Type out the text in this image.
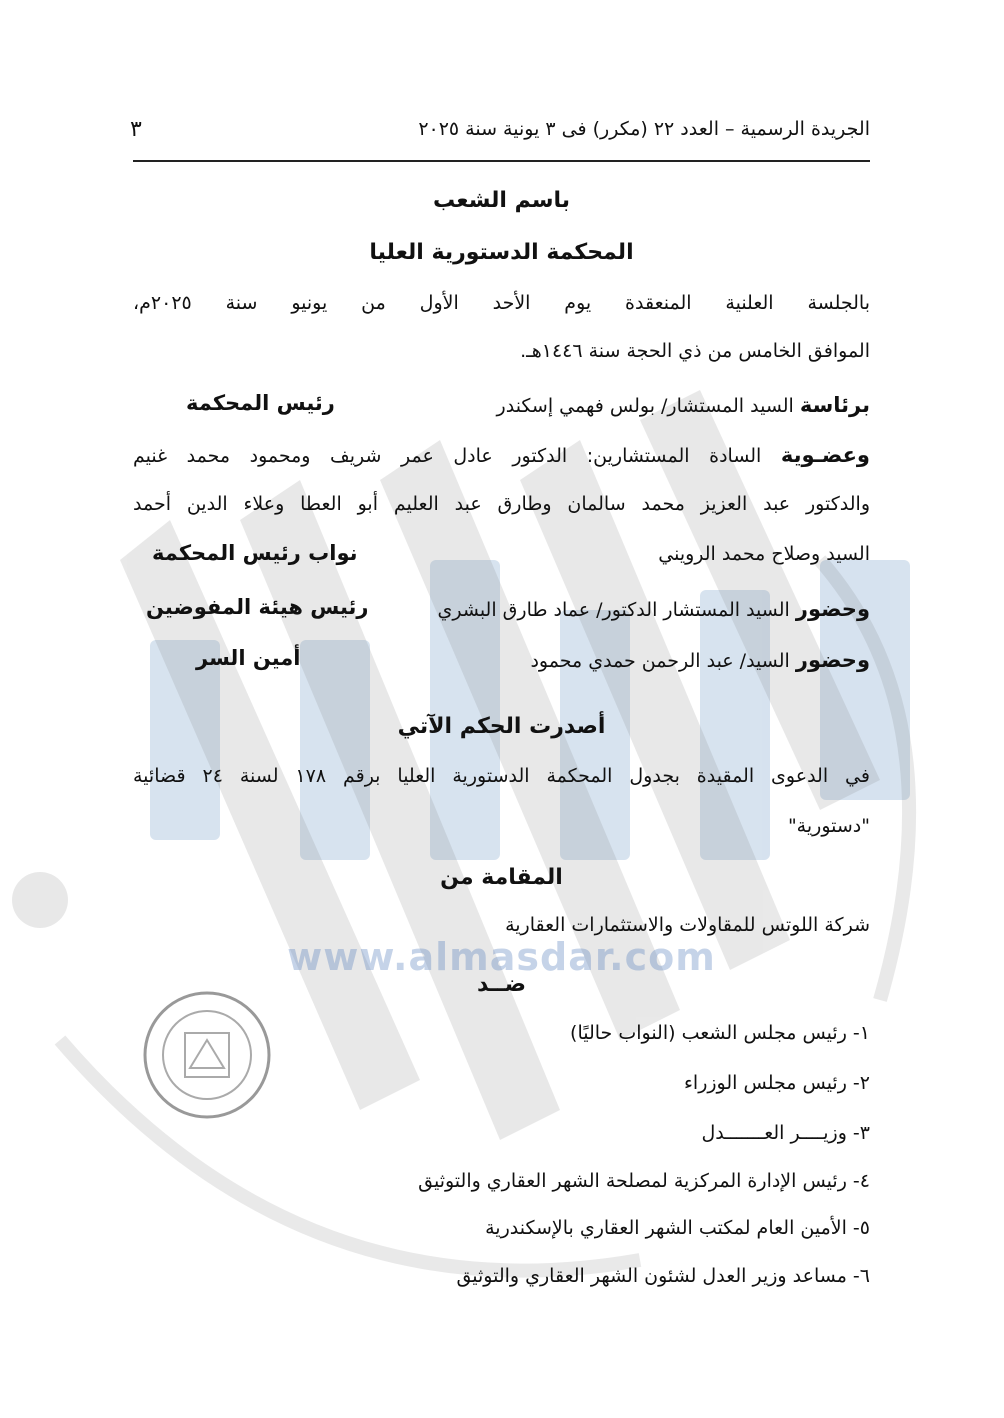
www.almasdar.com
الجريدة الرسمية – العدد ٢٢ (مكرر) فى ٣ يونية سنة ٢٠٢٥
٣
باسم الشعب
المحكمة الدستورية العليا
بالجلسة العلنية المنعقدة يوم الأحد الأول من يونيو سنة ٢٠٢٥م،
الموافق الخامس من ذي الحجة سنة ١٤٤٦هـ.
برئاسة السيد المستشار/ بولس فهمي إسكندر
رئيس المحكمة
وعضـوية السادة المستشارين: الدكتور عادل عمر شريف ومحمود محمد غنيم
والدكتور عبد العزيز محمد سالمان وطارق عبد العليم أبو العطا وعلاء الدين أحمد
السيد وصلاح محمد الرويني
نواب رئيس المحكمة
وحضور السيد المستشار الدكتور/ عماد طارق البشري
رئيس هيئة المفوضين
وحضور السيد/ عبد الرحمن حمدي محمود
أمين السر
أصدرت الحكم الآتي
في الدعوى المقيدة بجدول المحكمة الدستورية العليا برقم ١٧٨ لسنة ٢٤ قضائية
"دستورية"
المقامة من
شركة اللوتس للمقاولات والاستثمارات العقارية
ضــد
١- رئيس مجلس الشعب (النواب حاليًا)
٢- رئيس مجلس الوزراء
٣- وزيــــر العـــــــدل
٤- رئيس الإدارة المركزية لمصلحة الشهر العقاري والتوثيق
٥- الأمين العام لمكتب الشهر العقاري بالإسكندرية
٦- مساعد وزير العدل لشئون الشهر العقاري والتوثيق
